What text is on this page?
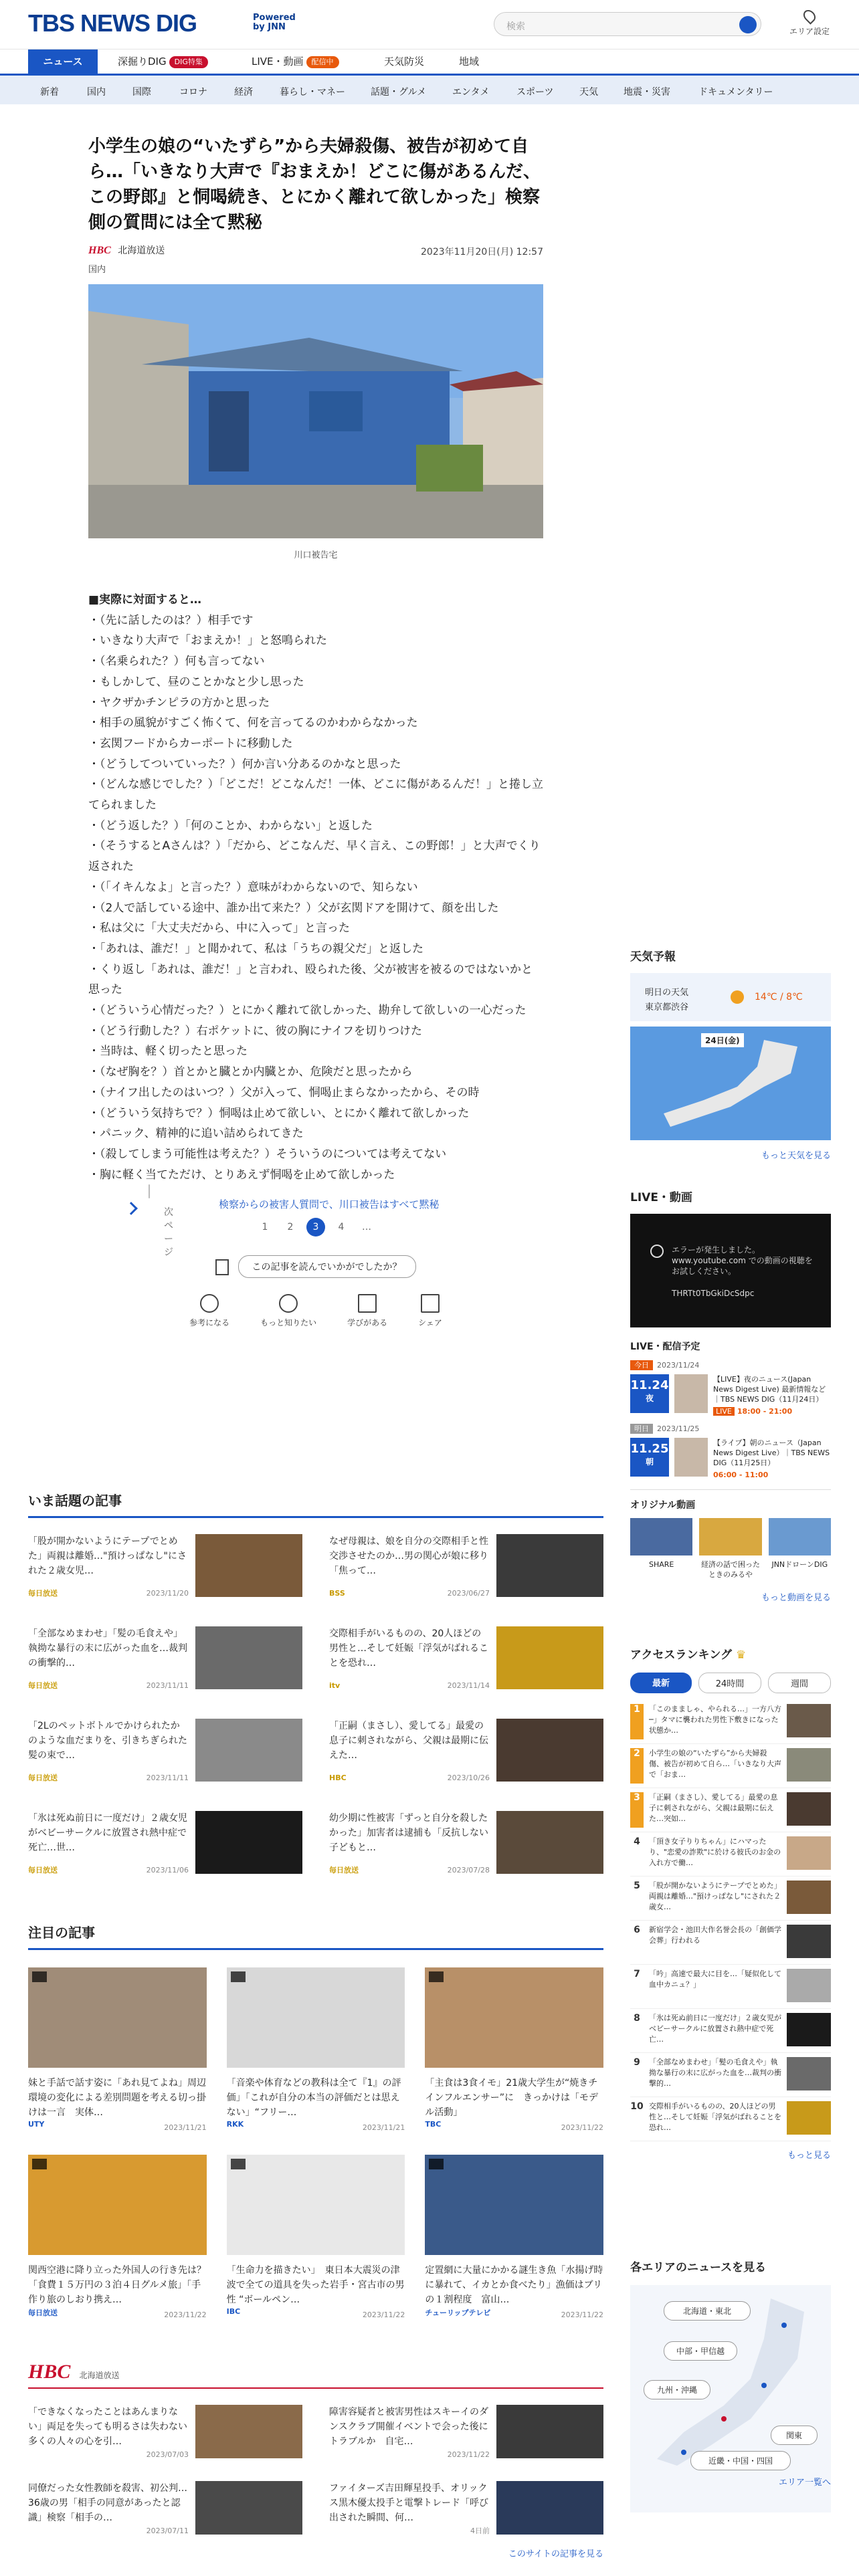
TBS NEWS DIG	Powered by JNN	検索	エリア設定
ニュース	深掘りDIG DIG特集	LIVE・動画 配信中	天気防災	地域
新着	国内	国際	コロナ	経済	暮らし・マネー	話題・グルメ	エンタメ	スポーツ	天気	地震・災害	ドキュメンタリー
小学生の娘の“いたずら”から夫婦殺傷、被告が初めて自ら…「いきなり大声で『おまえか！どこに傷があるんだ、この野郎』と恫喝続き、とにかく離れて欲しかった」検察側の質問には全て黙秘
HBC 北海道放送	2023年11月20日(月) 12:57
国内
川口被告宅

■実際に対面すると…

・（先に話したのは？）相手です

・いきなり大声で「おまえか！」と怒鳴られた

・（名乗られた？）何も言ってない

・もしかして、昼のことかなと少し思った

・ヤクザかチンピラの方かと思った

・相手の風貌がすごく怖くて、何を言ってるのかわからなかった

・玄関フードからカーポートに移動した

・（どうしてついていった？）何か言い分あるのかなと思った

・（どんな感じでした？）「どこだ！どこなんだ！一体、どこに傷があるんだ！」と捲し立てられました

・（どう返した？）「何のことか、わからない」と返した

・（そうするとAさんは？）「だから、どこなんだ、早く言え、この野郎！」と大声でくり返された

・（「イキんなよ」と言った？）意味がわからないので、知らない

・（2人で話している途中、誰か出て来た？）父が玄関ドアを開けて、顔を出した

・私は父に「大丈夫だから、中に入って」と言った

・「あれは、誰だ！」と聞かれて、私は「うちの親父だ」と返した

・くり返し「あれは、誰だ！」と言われ、殴られた後、父が被害を被るのではないかと思った

・（どういう心情だった？）とにかく離れて欲しかった、勘弁して欲しいの一心だった

・（どう行動した？）右ポケットに、彼の胸にナイフを切りつけた

・当時は、軽く切ったと思った

・（なぜ胸を？）首とかと臓とか内臓とか、危険だと思ったから

・（ナイフ出したのはいつ？）父が入って、恫喝止まらなかったから、その時

・（どういう気持ちで？）恫喝は止めて欲しい、とにかく離れて欲しかった

・パニック、精神的に追い詰められてきた

・（殺してしまう可能性は考えた？）そういうのについては考えてない

・胸に軽く当てただけ、とりあえず恫喝を止めて欲しかった

次ページ
検察からの被害人質問で、川口被告はすべて黙秘
1 2 3 4 …
この記事を読んでいかがでしたか？
参考になる	もっと知りたい	学びがある	シェア
いま話題の記事
「股が開かないようにテープでとめた」両親は離婚…"預けっぱなし"にされた２歳女児…
毎日放送	2023/11/20
なぜ母親は、娘を自分の交際相手と性交渉させたのか…男の関心が娘に移り「焦って…
BSS	2023/06/27
「全部なめまわせ」「髪の毛食えや」執拗な暴行の末に広がった血を…裁判の衝撃的…
毎日放送	2023/11/11
交際相手がいるものの、20人ほどの男性と…そして妊娠「浮気がばれることを恐れ…
itv	2023/11/14
「2Lのペットボトルでかけられたかのような血だまりを、引きちぎられた髪の束で…
毎日放送	2023/11/11
「正嗣（まさし）、愛してる」最愛の息子に刺されながら、父親は最期に伝えた…
HBC	2023/10/26
「氷は死ぬ前日に一度だけ」２歳女児がベビーサークルに放置され熱中症で死亡…世…
毎日放送	2023/11/06
幼少期に性被害「ずっと自分を殺したかった」加害者は逮捕も「反抗しない子どもと…
毎日放送	2023/07/28
注目の記事
妹と手話で話す姿に「あれ見てよね」周辺環境の変化による差別問題を考える切っ掛けは一言　実体…
UTY	2023/11/21
「音楽や体育などの教科は全て『1』の評価」「これが自分の本当の評価だとは思えない」“フリー…
RKK	2023/11/21
「主食は3食イモ」21歳大学生が“焼きチインフルエンサー”に　きっかけは「モデル活動」
TBC	2023/11/22
関西空港に降り立った外国人の行き先は？「食費１５万円の３泊４日グルメ旅」「手作り旅のしおり携え…
毎日放送	2023/11/22
「生命力を描きたい」　東日本大震災の津波で全ての道具を失った岩手・宮古市の男性 “ボールペン…
IBC	2023/11/22
定置網に大量にかかる謎生き魚「水揚げ時に暴れて、イカとか食べたり」漁価はブリの１割程度　富山…
チューリップテレビ	2023/11/22
HBC 北海道放送
「できなくなったことはあんまりない」両足を失っても明るさは失わない多くの人々の心を引…
2023/07/03
障害容疑者と被害男性はスキーイのダンスクラブ開催イベントで会った後にトラブルか　自宅…
2023/11/22
同僚だった女性教師を殺害、初公判…36歳の男「相手の同意があったと認識」検察「相手の…
2023/07/11
ファイターズ吉田輝星投手、オリックス黒木優太投手と電撃トレード「呼び出された瞬間、何…
4日前
このサイトの記事を見る
天気予報
明日の天気
東京都渋谷
14℃ / 8℃
24日(金)
もっと天気を見る
LIVE・動画
エラーが発生しました。www.youtube.com での動画の視聴をお試しください。
THRTt0TbGkiDcSdpc
LIVE・配信予定
今日 2023/11/24
11.24
夜
【LIVE】夜のニュース(Japan News Digest Live) 最新情報など｜TBS NEWS DIG（11月24日）
LIVE 18:00 - 21:00
明日 2023/11/25
11.25
朝
【ライブ】朝のニュース（Japan News Digest Live）｜TBS NEWS DIG（11月25日）
06:00 - 11:00
オリジナル動画
SHARE	経済の話で困ったときのみるや
JNNドローンDIG
もっと動画を見る
アクセスランキング ♛
最新	24時間	週間
1	「このまましゃ、やられる…」一方八方─」タマに襲われた男性下敷きになった状態か…
2	小学生の娘の“いたずら”から夫婦殺傷、被告が初めて自ら…「いきなり大声で「おま…
3	「正嗣（まさし）、愛してる」最愛の息子に刺されながら、父親は最期に伝えた…突如…
4	「頂き女子りりちゃん」にハマったり、"恋愛の詐欺"に於ける彼氏のお金の入れ方で働…
5	「股が開かないようにテープでとめた」両親は離婚…"預けっぱなし"にされた２歳女…
6	新宿学会・池田大作名誉会長の「創価学会葬」行われる
7	「吟」高速で最大に目を…「疑似化して血中カニュ？」
8	「氷は死ぬ前日に一度だけ」２歳女児がベビーサークルに放置され熱中症で死亡…
9	「全部なめまわせ」「髪の毛食えや」執拗な暴行の末に広がった血を…裁判の衝撃的…
10 交際相手がいるものの、20人ほどの男性と…そして妊娠「浮気がばれることを恐れ…
もっと見る
各エリアのニュースを見る
北海道・東北
中部・甲信越
九州・沖縄
関東
近畿・中国・四国
エリア一覧へ
